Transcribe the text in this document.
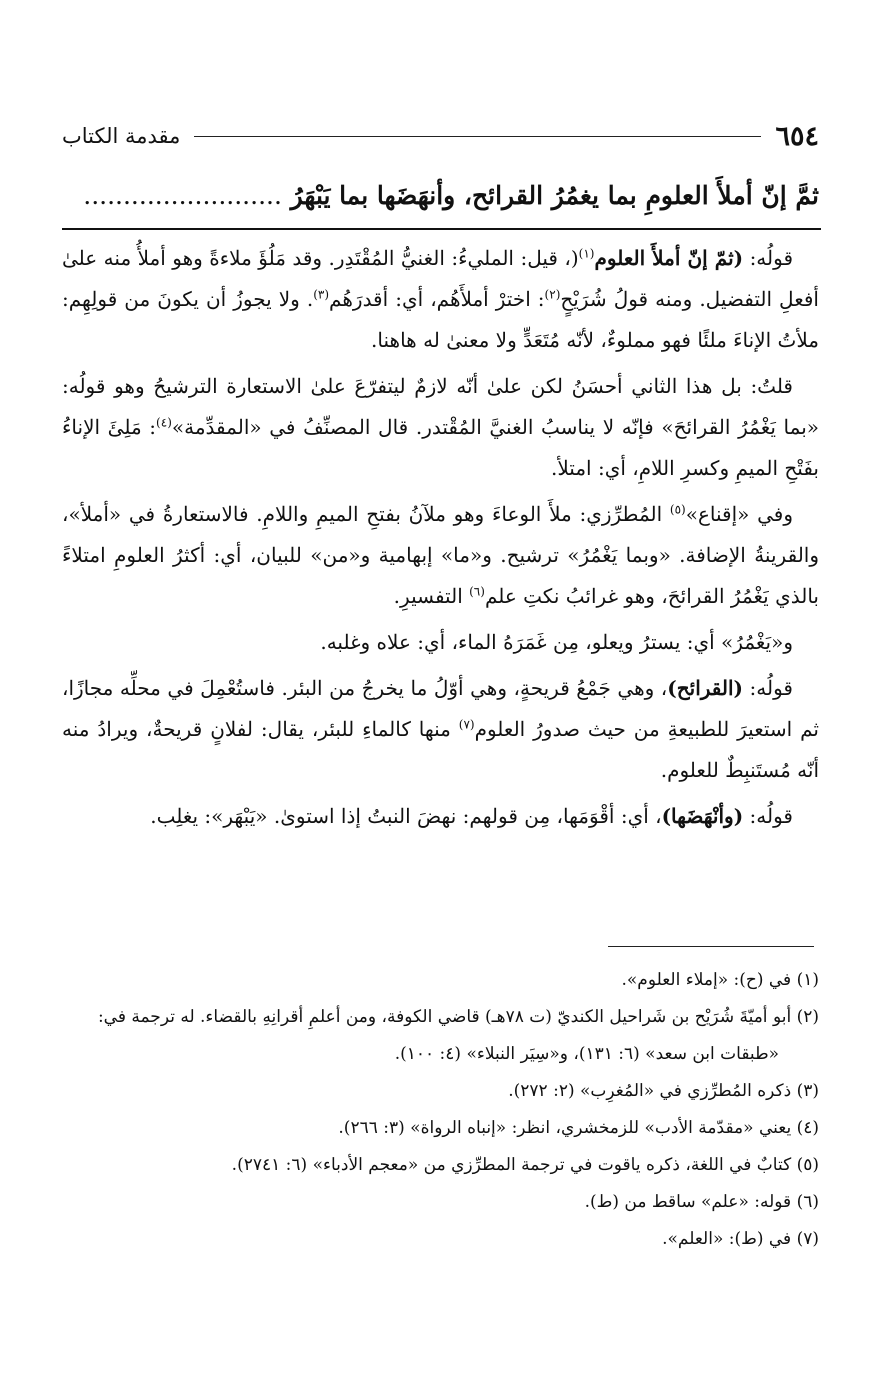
٦٥٤
مقدمة الكتاب
ثمَّ إنّ أملأَ العلومِ بما يغمُرُ القرائح، وأنهَضَها بما يَبْهَرُ .........................

قولُه: (ثمّ إنّ أملأَ العلوم$^{(١)}$(، قيل: المليءُ: الغنيُّ المُقْتَدِر. وقد مَلُؤَ ملاءةً وهو أملأُ منه علىٰ أفعلِ التفضيل. ومنه قولُ شُرَيْحٍ$^{(٢)}$: اخترْ أملأَهُم، أي: أقدرَهُم$^{(٣)}$. ولا يجوزُ أن يكونَ من قولِهِم: ملأتُ الإناءَ ملئًا فهو مملوءٌ، لأنّه مُتَعَدٍّ ولا معنىٰ له هاهنا.

قلتُ: بل هذا الثاني أحسَنُ لكن علىٰ أنّه لازمٌ ليتفرّعَ علىٰ الاستعارة الترشيحُ وهو قولُه: «بما يَغْمُرُ القرائحَ» فإنّه لا يناسبُ الغنيَّ المُقْتدر. قال المصنِّفُ في «المقدِّمة»$^{(٤)}$: مَلِئَ الإناءُ بفَتْحِ الميمِ وكسرِ اللامِ، أي: امتلأ.

وفي «إقناع»$^{(٥)}$ المُطرِّزي: ملأَ الوعاءَ وهو ملآنُ بفتحِ الميمِ واللامِ. فالاستعارةُ في «أملأ»، والقرينةُ الإضافة. «وبما يَغْمُرُ» ترشيح. و«ما» إبهامية و«من» للبيان، أي: أكثرُ العلومِ امتلاءً بالذي يَغْمُرُ القرائحَ، وهو غرائبُ نكتِ علم$^{(٦)}$ التفسيرِ.

و«يَغْمُرُ» أي: يسترُ ويعلو، مِن غَمَرَهُ الماء، أي: علاه وغلبه.

قولُه: (القرائح)، وهي جَمْعُ قريحةٍ، وهي أوّلُ ما يخرجُ من البئر. فاستُعْمِلَ في محلِّه مجازًا، ثم استعيرَ للطبيعةِ من حيث صدورُ العلوم$^{(٧)}$ منها كالماءِ للبئر، يقال: لفلانٍ قريحةٌ، ويرادُ منه أنّه مُستَنبِطٌ للعلوم.

قولُه: (وأنْهَضَها)، أي: أقْوَمَها، مِن قولهم: نهضَ النبتُ إذا استوىٰ. «يَبْهَر»: يغلِب.

(١) في (ح): «إملاء العلوم».

(٢) أبو أميّةَ شُرَيْح بن شَراحيل الكنديّ (ت ٧٨هـ) قاضي الكوفة، ومن أعلمِ أقرانِهِ بالقضاء. له ترجمة في:

«طبقات ابن سعد» (٦: ١٣١)، و«سِيَر النبلاء» (٤: ١٠٠).

(٣) ذكره المُطرِّزي في «المُغرِب» (٢: ٢٧٢).

(٤) يعني «مقدّمة الأدب» للزمخشري، انظر: «إنباه الرواة» (٣: ٢٦٦).

(٥) كتابٌ في اللغة، ذكره ياقوت في ترجمة المطرِّزي من «معجم الأدباء» (٦: ٢٧٤١).

(٦) قوله: «علم» ساقط من (ط).

(٧) في (ط): «العلم».
